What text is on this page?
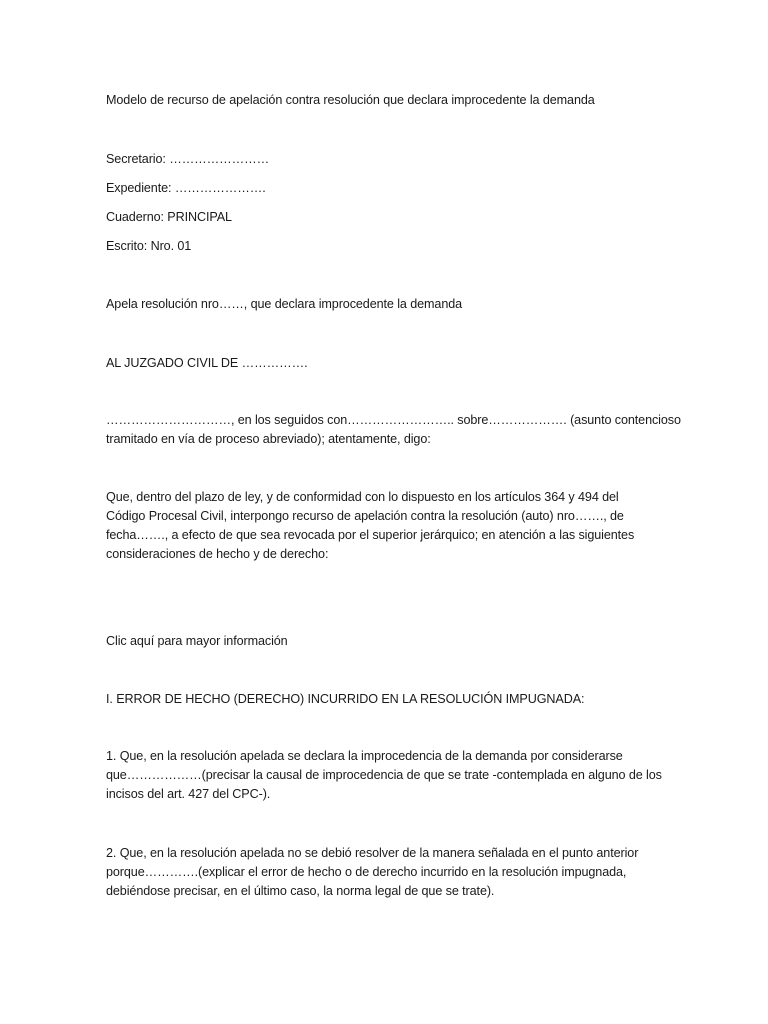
Modelo de recurso de apelación contra resolución que declara improcedente la demanda
Secretario: ……………………
Expediente: ………………….
Cuaderno: PRINCIPAL
Escrito: Nro. 01
Apela resolución nro……, que declara improcedente la demanda
AL JUZGADO CIVIL DE …………….
…………………………, en los seguidos con…………………….. sobre………………. (asunto contencioso
tramitado en vía de proceso abreviado); atentamente, digo:
Que, dentro del plazo de ley, y de conformidad con lo dispuesto en los artículos 364 y 494 del
Código Procesal Civil, interpongo recurso de apelación contra la resolución (auto) nro……., de
fecha……., a efecto de que sea revocada por el superior jerárquico; en atención a las siguientes
consideraciones de hecho y de derecho:
Clic aquí para mayor información
I. ERROR DE HECHO (DERECHO) INCURRIDO EN LA RESOLUCIÓN IMPUGNADA:
1. Que, en la resolución apelada se declara la improcedencia de la demanda por considerarse
que………………(precisar la causal de improcedencia de que se trate -contemplada en alguno de los
incisos del art. 427 del CPC-).
2. Que, en la resolución apelada no se debió resolver de la manera señalada en el punto anterior
porque………….(explicar el error de hecho o de derecho incurrido en la resolución impugnada,
debiéndose precisar, en el último caso, la norma legal de que se trate).
